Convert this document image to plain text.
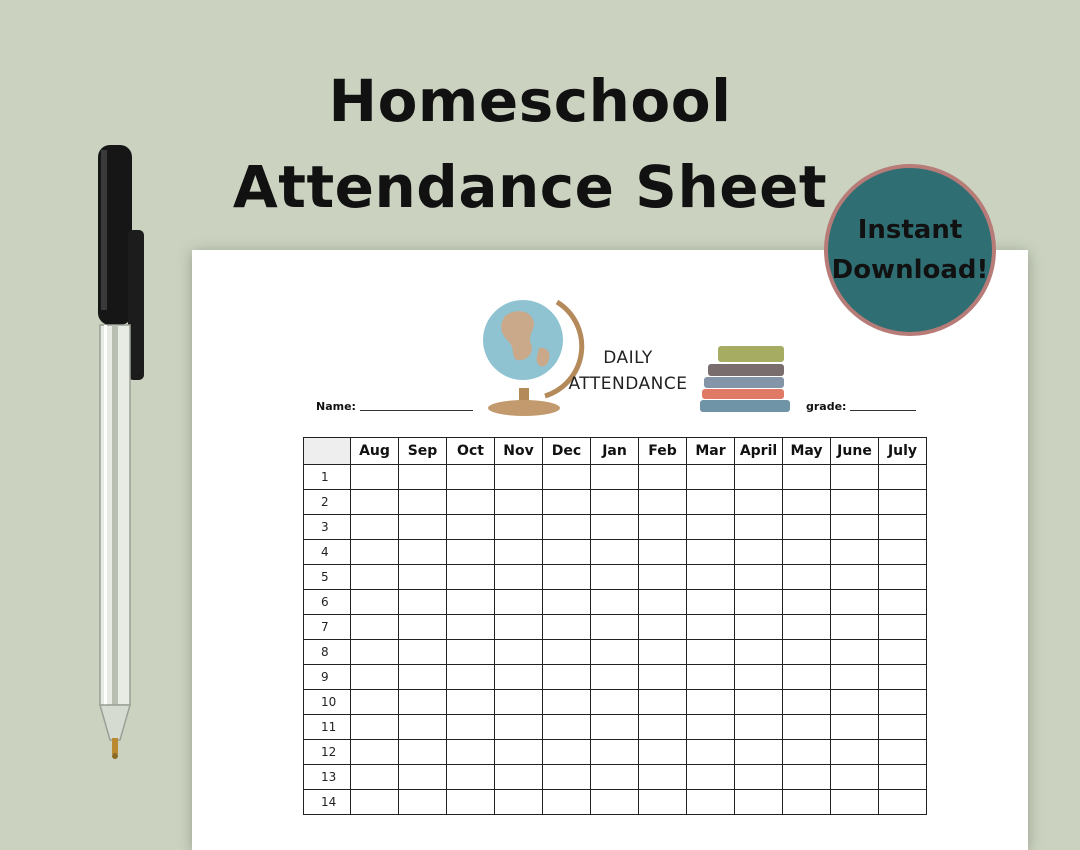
Homeschool
Attendance Sheet
DAILY
ATTENDANCE
Name:	grade:
Instant
Download!
	Aug	Sep	Oct	Nov	Dec	Jan	Feb	Mar	April	May	June	July
1												
2												
3												
4												
5												
6												
7												
8												
9												
10												
11												
12												
13												
14												
